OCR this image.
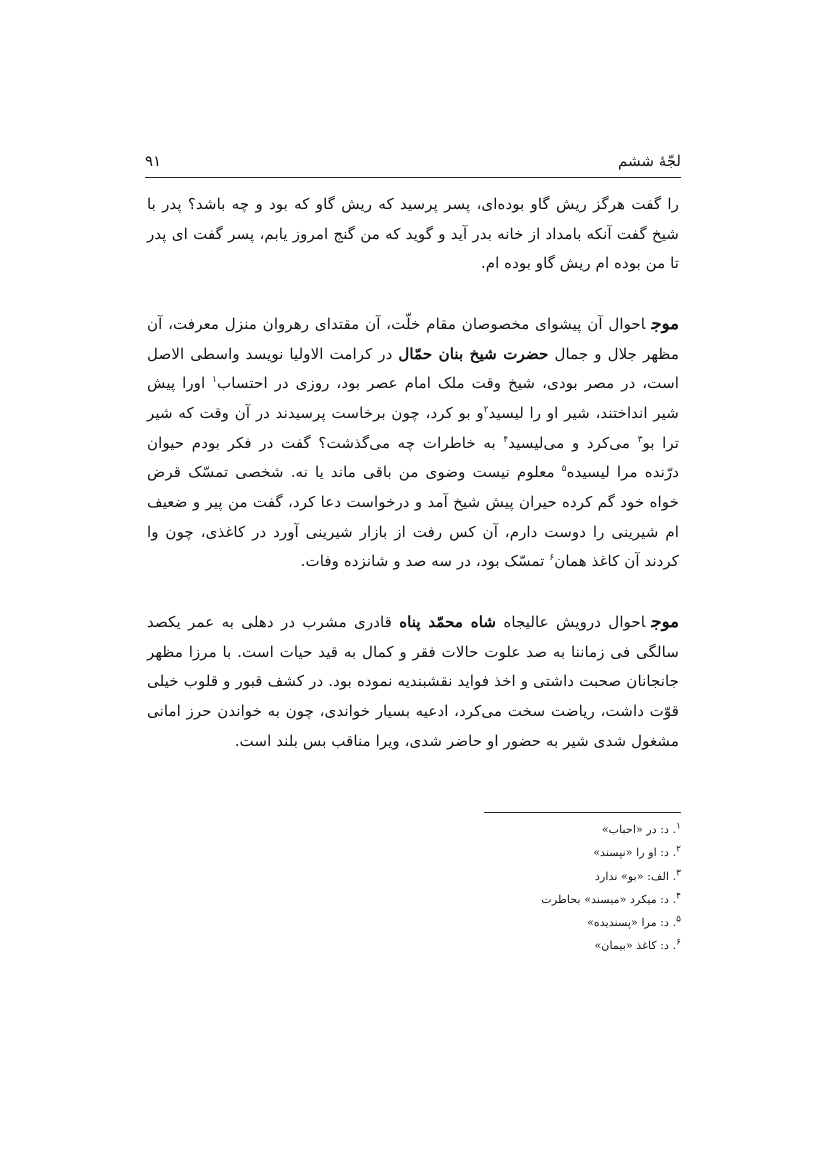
لجّهٔ ششم
۹۱

را گفت هرگز ریش گاو بوده‌ای، پسر پرسید که ریش گاو که بود و چه باشد؟ پدر با شیخ گفت آنکه بامداد از خانه بدر آید و گوید که من گنج امروز یابم، پسر گفت ای پدر تا من بوده ام ریش گاو بوده ام.

موجاحوال آن پیشوای مخصوصان مقام خلّت، آن مقتدای رهروان منزل معرفت، آن مظهر جلال و جمال حضرت شیخ بنان حمّال در کرامت الاولیا نویسد واسطی الاصل است، در مصر بودی، شیخ وقت ملک امام عصر بود، روزی در احتساب$^۱$ اورا پیش شیر انداختند، شیر او را لیسید$^۲$و بو کرد، چون برخاست پرسیدند در آن وقت که شیر ترا بو$^۳$ می‌کرد و می‌لیسید$^۴$ به خاطرات چه می‌گذشت؟ گفت در فکر بودم حیوان درّنده مرا لیسیده$^۵$ معلوم نیست وضوی من باقی ماند یا نه. شخصی تمسّک قرض خواه خود گم کرده حیران پیش شیخ آمد و درخواست دعا کرد، گفت من پیر و ضعیف ام شیرینی را دوست دارم، آن کس رفت از بازار شیرینی آورد در کاغذی، چون وا کردند آن کاغذ همان$^۶$ تمسّک بود، در سه صد و شانزده وفات.

موجاحوال درویش عالیجاه شاه محمّد پناه قادری مشرب در دهلی به عمر یکصد سالگی فی زماننا به صد علوت حالات فقر و کمال به قید حیات است. با مرزا مظهر جانجانان صحبت داشتی و اخذ فواید نقشبندیه نموده بود. در کشف قبور و قلوب خیلی قوّت داشت، ریاضت سخت می‌کرد، ادعیه بسیار خواندی، چون به خواندن حرز امانی مشغول شدی شیر به حضور او حاضر شدی، ویرا مناقب بس بلند است.

$^۱$. د: در «احباب»
$^۲$. د: او را «نپسند»
$^۳$. الف: «بو» ندارد
$^۴$. د: میکرد «میسند» بحاطرت
$^۵$. د: مرا «پسندیده»
$^۶$. د: کاغذ «بیمان»
